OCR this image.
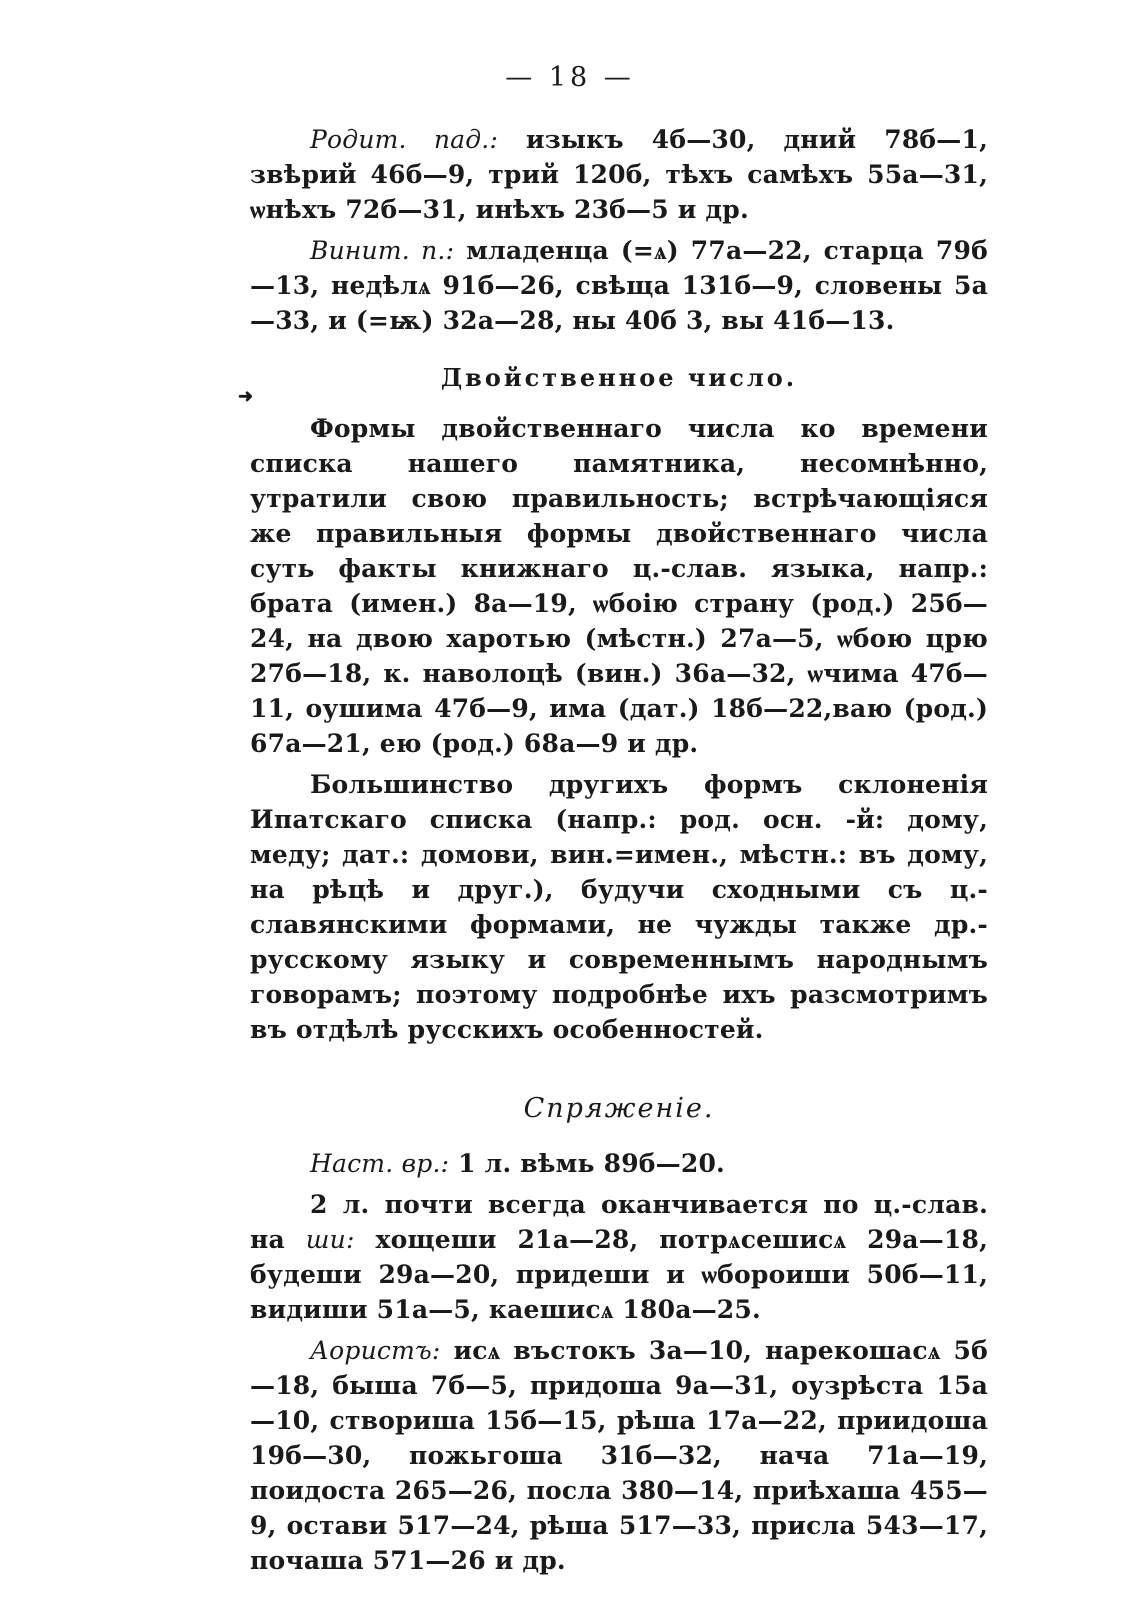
— 18 —
➜

Родит. пад.: изыкъ 4б—30, дний 78б—1, звѣрий 46б—9, трий 120б, тѣхъ самѣхъ 55а—31, ѡнѣхъ 72б—31, инѣхъ 23б—5 и др.

Винит. п.: младенца (=ѧ) 77а—22, старца 79б—13, недѣлѧ 91б—26, свѣща 131б—9, словены 5а—33, и (=ѭ) 32а—28, ны 40б 3, вы 41б—13.

Двойственное число.

Формы двойственнаго числа ко времени списка нашего памятника, несомнѣнно, утратили свою правильность; встрѣчающіяся же правильныя формы двойственнаго числа суть факты книжнаго ц.-слав. языка, напр.: брата (имен.) 8а—19, ѡбоію страну (род.) 25б—24, на двою харотью (мѣстн.) 27а—5, ѡбою црю 27б—18, к. наволоцѣ (вин.) 36а—32, ѡчима 47б—11, оушима 47б—9, има (дат.) 18б—22,ваю (род.) 67а—21, ею (род.) 68а—9 и др.

Большинство другихъ формъ склоненія Ипатскаго списка (напр.: род. осн. -й: дому, меду; дат.: домови, вин.=имен., мѣстн.: въ дому, на рѣцѣ и друг.), будучи сходными съ ц.-славянскими формами, не чужды также др.-русскому языку и современнымъ народнымъ говорамъ; поэтому подробнѣе ихъ разсмотримъ въ отдѣлѣ русскихъ особенностей.

Спряженіе.

Наст. вр.: 1 л. вѣмь 89б—20.

2 л. почти всегда оканчивается по ц.-слав. на ши: хощеши 21а—28, потрѧсешисѧ 29а—18, будеши 29а—20, придеши и ѡбороиши 50б—11, видиши 51а—5, каешисѧ 180а—25.

Аористъ: исѧ въстокъ 3а—10, нарекошасѧ 5б—18, быша 7б—5, придоша 9а—31, оузрѣста 15а—10, створиша 15б—15, рѣша 17а—22, приидоша 19б—30, пожьгоша 31б—32, нача 71а—19, поидоста 265—26, посла 380—14, приѣхаша 455—9, остави 517—24, рѣша 517—33, присла 543—17, почаша 571—26 и др.
